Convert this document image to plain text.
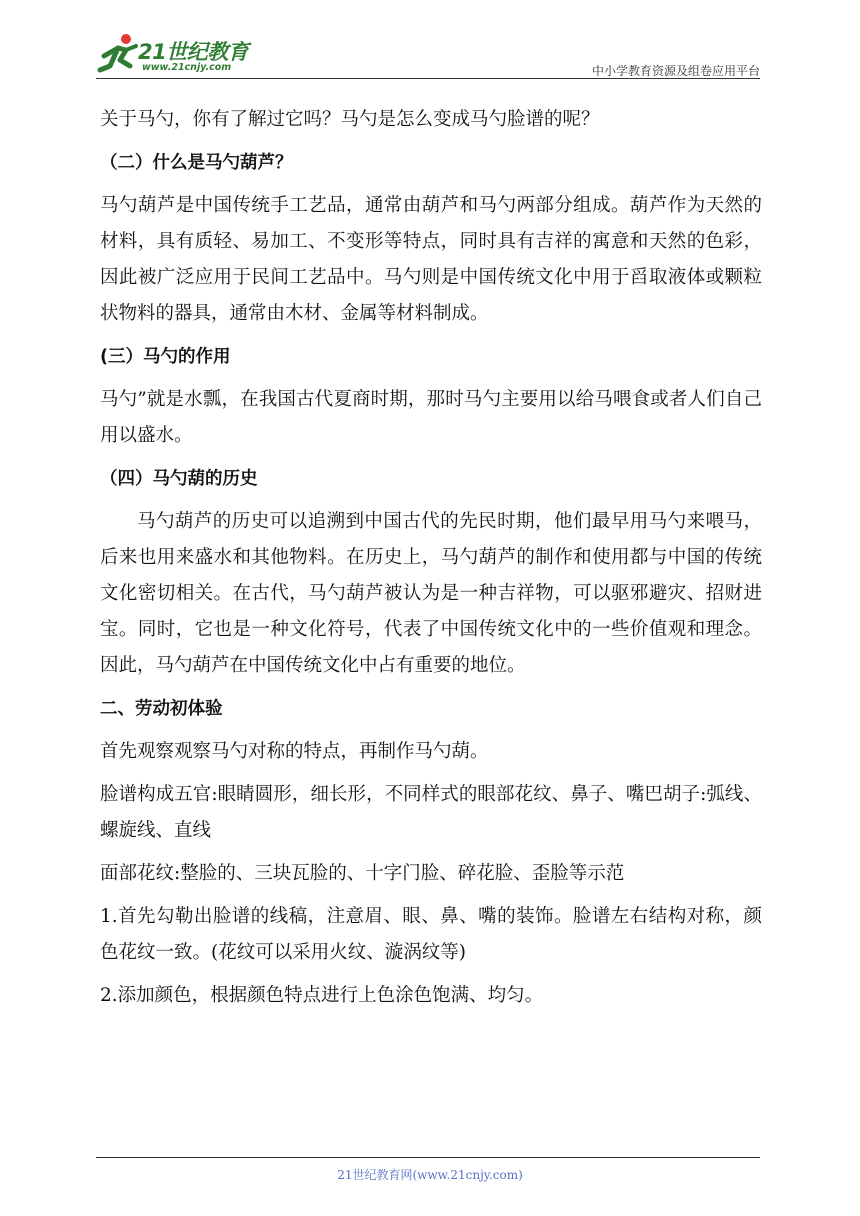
21世纪教育
www.21cnjy.com	中小学教育资源及组卷应用平台

关于马勺，你有了解过它吗？马勺是怎么变成马勺脸谱的呢？

（二）什么是马勺葫芦？

马勺葫芦是中国传统手工艺品，通常由葫芦和马勺两部分组成。葫芦作为天然的材料，具有质轻、易加工、不变形等特点，同时具有吉祥的寓意和天然的色彩，因此被广泛应用于民间工艺品中。马勺则是中国传统文化中用于舀取液体或颗粒状物料的器具，通常由木材、金属等材料制成。

(三）马勺的作用

马勺”就是水瓢，在我国古代夏商时期，那时马勺主要用以给马喂食或者人们自己用以盛水。

（四）马勺葫的历史

马勺葫芦的历史可以追溯到中国古代的先民时期，他们最早用马勺来喂马，后来也用来盛水和其他物料。在历史上，马勺葫芦的制作和使用都与中国的传统文化密切相关。在古代，马勺葫芦被认为是一种吉祥物，可以驱邪避灾、招财进宝。同时，它也是一种文化符号，代表了中国传统文化中的一些价值观和理念。因此，马勺葫芦在中国传统文化中占有重要的地位。

二、劳动初体验

首先观察观察马勺对称的特点，再制作马勺葫。

脸谱构成五官:眼睛圆形，细长形，不同样式的眼部花纹、鼻子、嘴巴胡子:弧线、螺旋线、直线

面部花纹:整脸的、三块瓦脸的、十字门脸、碎花脸、歪脸等示范

1.首先勾勒出脸谱的线稿，注意眉、眼、鼻、嘴的装饰。脸谱左右结构对称，颜色花纹一致。(花纹可以采用火纹、漩涡纹等)

2.添加颜色，根据颜色特点进行上色涂色饱满、均匀。

21世纪教育网(www.21cnjy.com)
